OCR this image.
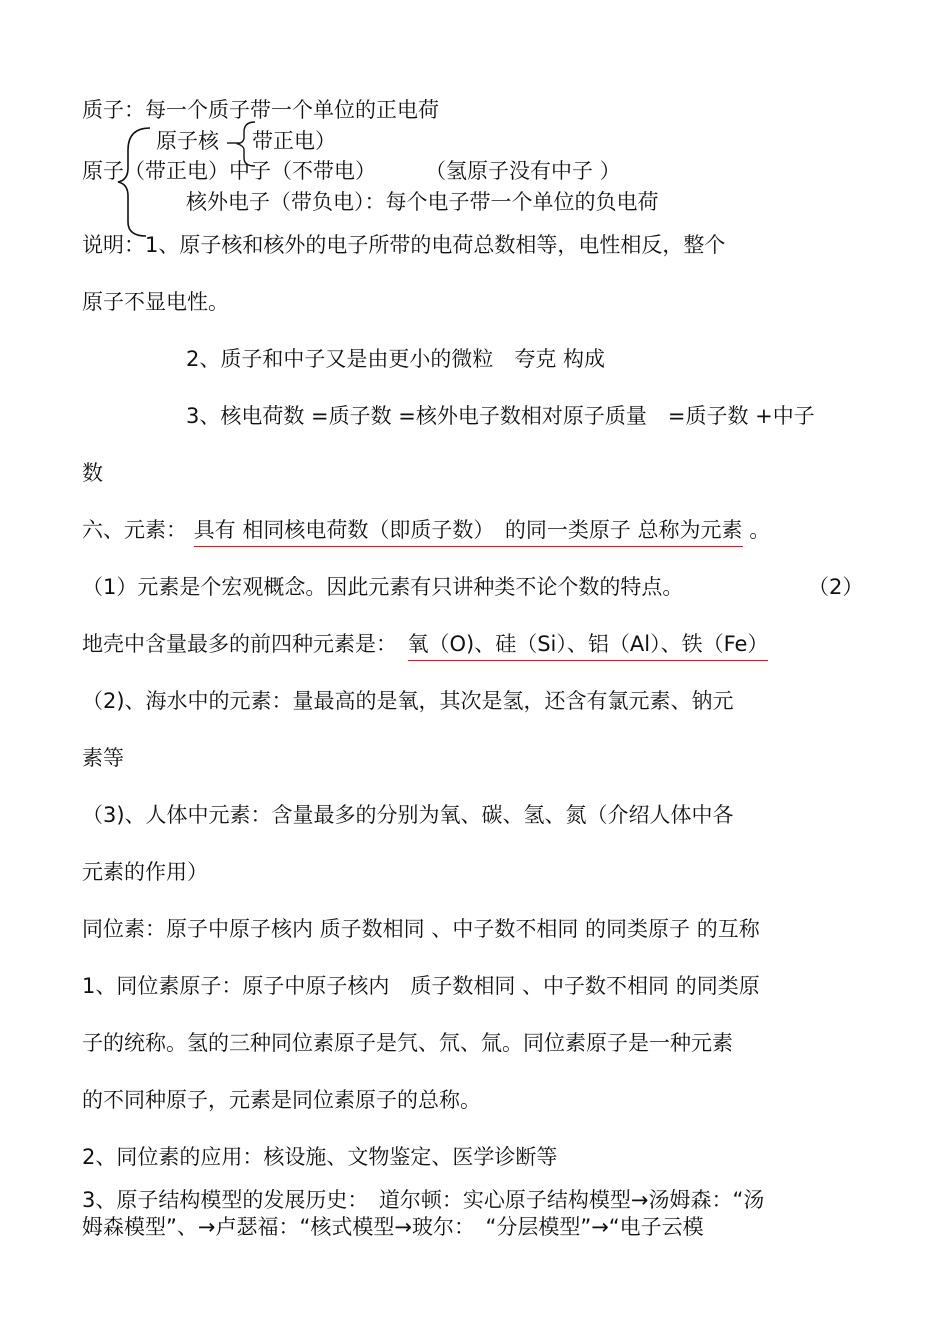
质子：每一个质子带一个单位的正电荷
原子核 带正电）
原子（带正电）中子（不带电） （氢原子没有中子 ）
核外电子（带负电）：每个电子带一个单位的负电荷
说明：1、原子核和核外的电子所带的电荷总数相等，电性相反，整个
原子不显电性。
2、质子和中子又是由更小的微粒　夸克 构成
3、核电荷数 =质子数 =核外电子数相对原子质量　=质子数 +中子
数
六、元素： 具有 相同核电荷数（即质子数）　的同一类原子 总称为元素 。
（1）元素是个宏观概念。因此元素有只讲种类不论个数的特点。	（2）
地壳中含量最多的前四种元素是：　 氧（O)、硅（Si）、铝（Al）、铁（Fe）
（2)、海水中的元素：量最高的是氧，其次是氢，还含有氯元素、钠元
素等
（3)、人体中元素：含量最多的分别为氧、碳、氢、氮（介绍人体中各
元素的作用）
同位素：原子中原子核内 质子数相同 、中子数不相同 的同类原子 的互称
1、同位素原子：原子中原子核内　质子数相同 、中子数不相同 的同类原
子的统称。氢的三种同位素原子是氕、氘、氚。同位素原子是一种元素
的不同种原子，元素是同位素原子的总称。
2、同位素的应用：核设施、文物鉴定、医学诊断等
3、原子结构模型的发展历史：　道尔顿：实心原子结构模型→汤姆森：“汤
姆森模型”、→卢瑟福：“核式模型→玻尔：　“分层模型”→“电子云模
